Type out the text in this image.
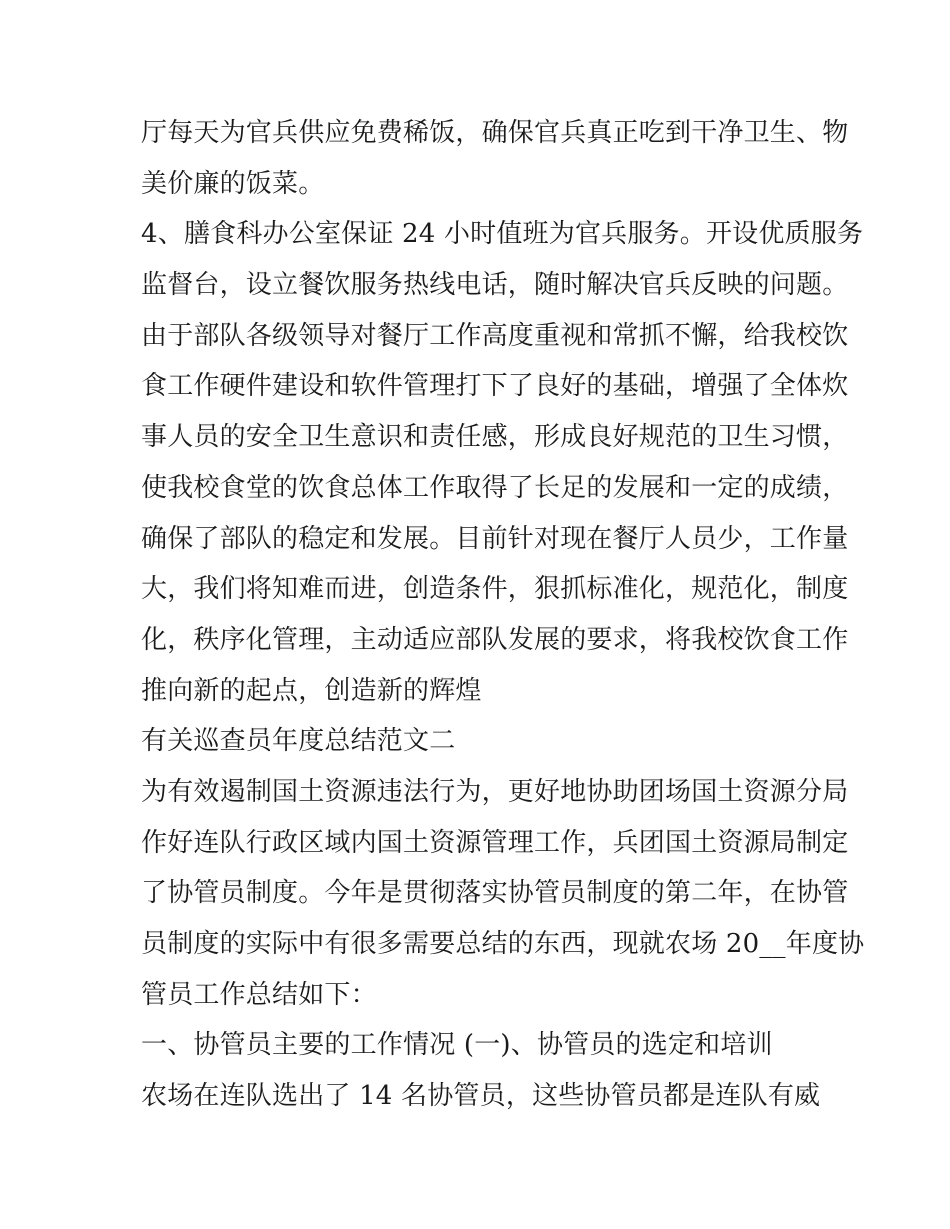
厅每天为官兵供应免费稀饭，确保官兵真正吃到干净卫生、物
美价廉的饭菜。
4、膳食科办公室保证 24 小时值班为官兵服务。开设优质服务
监督台，设立餐饮服务热线电话，随时解决官兵反映的问题。
由于部队各级领导对餐厅工作高度重视和常抓不懈，给我校饮
食工作硬件建设和软件管理打下了良好的基础，增强了全体炊
事人员的安全卫生意识和责任感，形成良好规范的卫生习惯，
使我校食堂的饮食总体工作取得了长足的发展和一定的成绩，
确保了部队的稳定和发展。目前针对现在餐厅人员少，工作量
大，我们将知难而进，创造条件，狠抓标准化，规范化，制度
化，秩序化管理，主动适应部队发展的要求，将我校饮食工作
推向新的起点，创造新的辉煌
有关巡查员年度总结范文二
为有效遏制国土资源违法行为，更好地协助团场国土资源分局
作好连队行政区域内国土资源管理工作，兵团国土资源局制定
了协管员制度。今年是贯彻落实协管员制度的第二年，在协管
员制度的实际中有很多需要总结的东西，现就农场 20__年度协
管员工作总结如下：
一、协管员主要的工作情况 (一)、协管员的选定和培训
农场在连队选出了 14 名协管员，这些协管员都是连队有威
